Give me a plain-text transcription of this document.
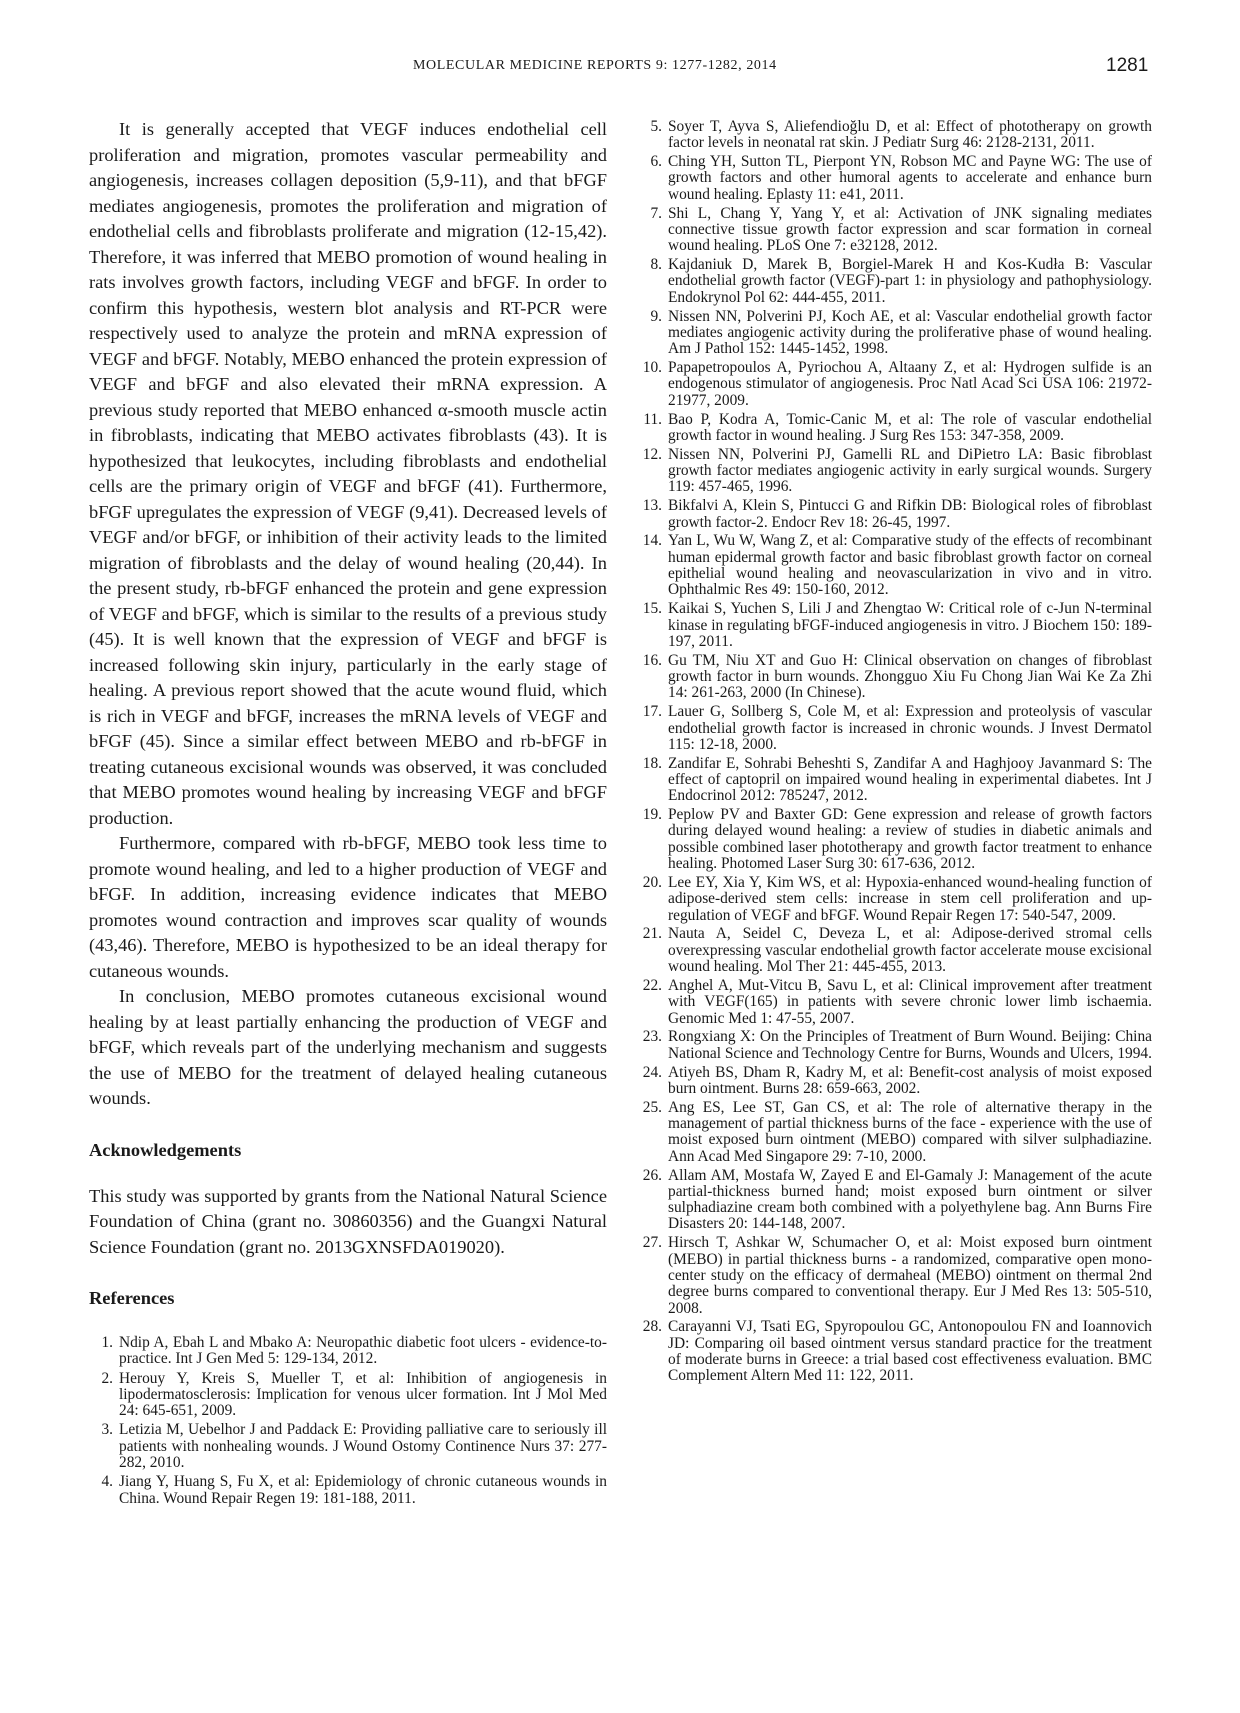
MOLECULAR MEDICINE REPORTS 9: 1277-1282, 2014	1281

It is generally accepted that VEGF induces endothelial cell proliferation and migration, promotes vascular permeability and angiogenesis, increases collagen deposition (5,9-11), and that bFGF mediates angiogenesis, promotes the proliferation and migration of endothelial cells and fibroblasts proliferate and migration (12-15,42). Therefore, it was inferred that MEBO promotion of wound healing in rats involves growth factors, including VEGF and bFGF. In order to confirm this hypothesis, western blot analysis and RT-PCR were respectively used to analyze the protein and mRNA expression of VEGF and bFGF. Notably, MEBO enhanced the protein expression of VEGF and bFGF and also elevated their mRNA expression. A previous study reported that MEBO enhanced α-smooth muscle actin in fibroblasts, indicating that MEBO activates fibroblasts (43). It is hypothesized that leukocytes, including fibroblasts and endothelial cells are the primary origin of VEGF and bFGF (41). Furthermore, bFGF upregulates the expression of VEGF (9,41). Decreased levels of VEGF and/or bFGF, or inhibition of their activity leads to the limited migration of fibroblasts and the delay of wound healing (20,44). In the present study, rb-bFGF enhanced the protein and gene expression of VEGF and bFGF, which is similar to the results of a previous study (45). It is well known that the expression of VEGF and bFGF is increased following skin injury, particularly in the early stage of healing. A previous report showed that the acute wound fluid, which is rich in VEGF and bFGF, increases the mRNA levels of VEGF and bFGF (45). Since a similar effect between MEBO and rb-bFGF in treating cutaneous excisional wounds was observed, it was concluded that MEBO promotes wound healing by increasing VEGF and bFGF production.

Furthermore, compared with rb-bFGF, MEBO took less time to promote wound healing, and led to a higher production of VEGF and bFGF. In addition, increasing evidence indicates that MEBO promotes wound contraction and improves scar quality of wounds (43,46). Therefore, MEBO is hypothesized to be an ideal therapy for cutaneous wounds.

In conclusion, MEBO promotes cutaneous excisional wound healing by at least partially enhancing the production of VEGF and bFGF, which reveals part of the underlying mechanism and suggests the use of MEBO for the treatment of delayed healing cutaneous wounds.

Acknowledgements

This study was supported by grants from the National Natural Science Foundation of China (grant no. 30860356) and the Guangxi Natural Science Foundation (grant no. 2013GXNSFDA019020).

References
1. Ndip A, Ebah L and Mbako A: Neuropathic diabetic foot ulcers - evidence-to-practice. Int J Gen Med 5: 129-134, 2012.
2. Herouy Y, Kreis S, Mueller T, et al: Inhibition of angiogenesis in lipodermatosclerosis: Implication for venous ulcer formation. Int J Mol Med 24: 645-651, 2009.
3. Letizia M, Uebelhor J and Paddack E: Providing palliative care to seriously ill patients with nonhealing wounds. J Wound Ostomy Continence Nurs 37: 277-282, 2010.
4. Jiang Y, Huang S, Fu X, et al: Epidemiology of chronic cutaneous wounds in China. Wound Repair Regen 19: 181-188, 2011.
5. Soyer T, Ayva S, Aliefendioğlu D, et al: Effect of phototherapy on growth factor levels in neonatal rat skin. J Pediatr Surg 46: 2128-2131, 2011.
6. Ching YH, Sutton TL, Pierpont YN, Robson MC and Payne WG: The use of growth factors and other humoral agents to accelerate and enhance burn wound healing. Eplasty 11: e41, 2011.
7. Shi L, Chang Y, Yang Y, et al: Activation of JNK signaling mediates connective tissue growth factor expression and scar formation in corneal wound healing. PLoS One 7: e32128, 2012.
8. Kajdaniuk D, Marek B, Borgiel-Marek H and Kos-Kudła B: Vascular endothelial growth factor (VEGF)-part 1: in physiology and pathophysiology. Endokrynol Pol 62: 444-455, 2011.
9. Nissen NN, Polverini PJ, Koch AE, et al: Vascular endothelial growth factor mediates angiogenic activity during the proliferative phase of wound healing. Am J Pathol 152: 1445-1452, 1998.
10. Papapetropoulos A, Pyriochou A, Altaany Z, et al: Hydrogen sulfide is an endogenous stimulator of angiogenesis. Proc Natl Acad Sci USA 106: 21972-21977, 2009.
11. Bao P, Kodra A, Tomic-Canic M, et al: The role of vascular endothelial growth factor in wound healing. J Surg Res 153: 347-358, 2009.
12. Nissen NN, Polverini PJ, Gamelli RL and DiPietro LA: Basic fibroblast growth factor mediates angiogenic activity in early surgical wounds. Surgery 119: 457-465, 1996.
13. Bikfalvi A, Klein S, Pintucci G and Rifkin DB: Biological roles of fibroblast growth factor-2. Endocr Rev 18: 26-45, 1997.
14. Yan L, Wu W, Wang Z, et al: Comparative study of the effects of recombinant human epidermal growth factor and basic fibroblast growth factor on corneal epithelial wound healing and neovascularization in vivo and in vitro. Ophthalmic Res 49: 150-160, 2012.
15. Kaikai S, Yuchen S, Lili J and Zhengtao W: Critical role of c-Jun N-terminal kinase in regulating bFGF-induced angiogenesis in vitro. J Biochem 150: 189-197, 2011.
16. Gu TM, Niu XT and Guo H: Clinical observation on changes of fibroblast growth factor in burn wounds. Zhongguo Xiu Fu Chong Jian Wai Ke Za Zhi 14: 261-263, 2000 (In Chinese).
17. Lauer G, Sollberg S, Cole M, et al: Expression and proteolysis of vascular endothelial growth factor is increased in chronic wounds. J Invest Dermatol 115: 12-18, 2000.
18. Zandifar E, Sohrabi Beheshti S, Zandifar A and Haghjooy Javanmard S: The effect of captopril on impaired wound healing in experimental diabetes. Int J Endocrinol 2012: 785247, 2012.
19. Peplow PV and Baxter GD: Gene expression and release of growth factors during delayed wound healing: a review of studies in diabetic animals and possible combined laser phototherapy and growth factor treatment to enhance healing. Photomed Laser Surg 30: 617-636, 2012.
20. Lee EY, Xia Y, Kim WS, et al: Hypoxia-enhanced wound-healing function of adipose-derived stem cells: increase in stem cell proliferation and up-regulation of VEGF and bFGF. Wound Repair Regen 17: 540-547, 2009.
21. Nauta A, Seidel C, Deveza L, et al: Adipose-derived stromal cells overexpressing vascular endothelial growth factor accelerate mouse excisional wound healing. Mol Ther 21: 445-455, 2013.
22. Anghel A, Mut-Vitcu B, Savu L, et al: Clinical improvement after treatment with VEGF(165) in patients with severe chronic lower limb ischaemia. Genomic Med 1: 47-55, 2007.
23. Rongxiang X: On the Principles of Treatment of Burn Wound. Beijing: China National Science and Technology Centre for Burns, Wounds and Ulcers, 1994.
24. Atiyeh BS, Dham R, Kadry M, et al: Benefit-cost analysis of moist exposed burn ointment. Burns 28: 659-663, 2002.
25. Ang ES, Lee ST, Gan CS, et al: The role of alternative therapy in the management of partial thickness burns of the face - experience with the use of moist exposed burn ointment (MEBO) compared with silver sulphadiazine. Ann Acad Med Singapore 29: 7-10, 2000.
26. Allam AM, Mostafa W, Zayed E and El-Gamaly J: Management of the acute partial-thickness burned hand; moist exposed burn ointment or silver sulphadiazine cream both combined with a polyethylene bag. Ann Burns Fire Disasters 20: 144-148, 2007.
27. Hirsch T, Ashkar W, Schumacher O, et al: Moist exposed burn ointment (MEBO) in partial thickness burns - a randomized, comparative open mono-center study on the efficacy of dermaheal (MEBO) ointment on thermal 2nd degree burns compared to conventional therapy. Eur J Med Res 13: 505-510, 2008.
28. Carayanni VJ, Tsati EG, Spyropoulou GC, Antonopoulou FN and Ioannovich JD: Comparing oil based ointment versus standard practice for the treatment of moderate burns in Greece: a trial based cost effectiveness evaluation. BMC Complement Altern Med 11: 122, 2011.
